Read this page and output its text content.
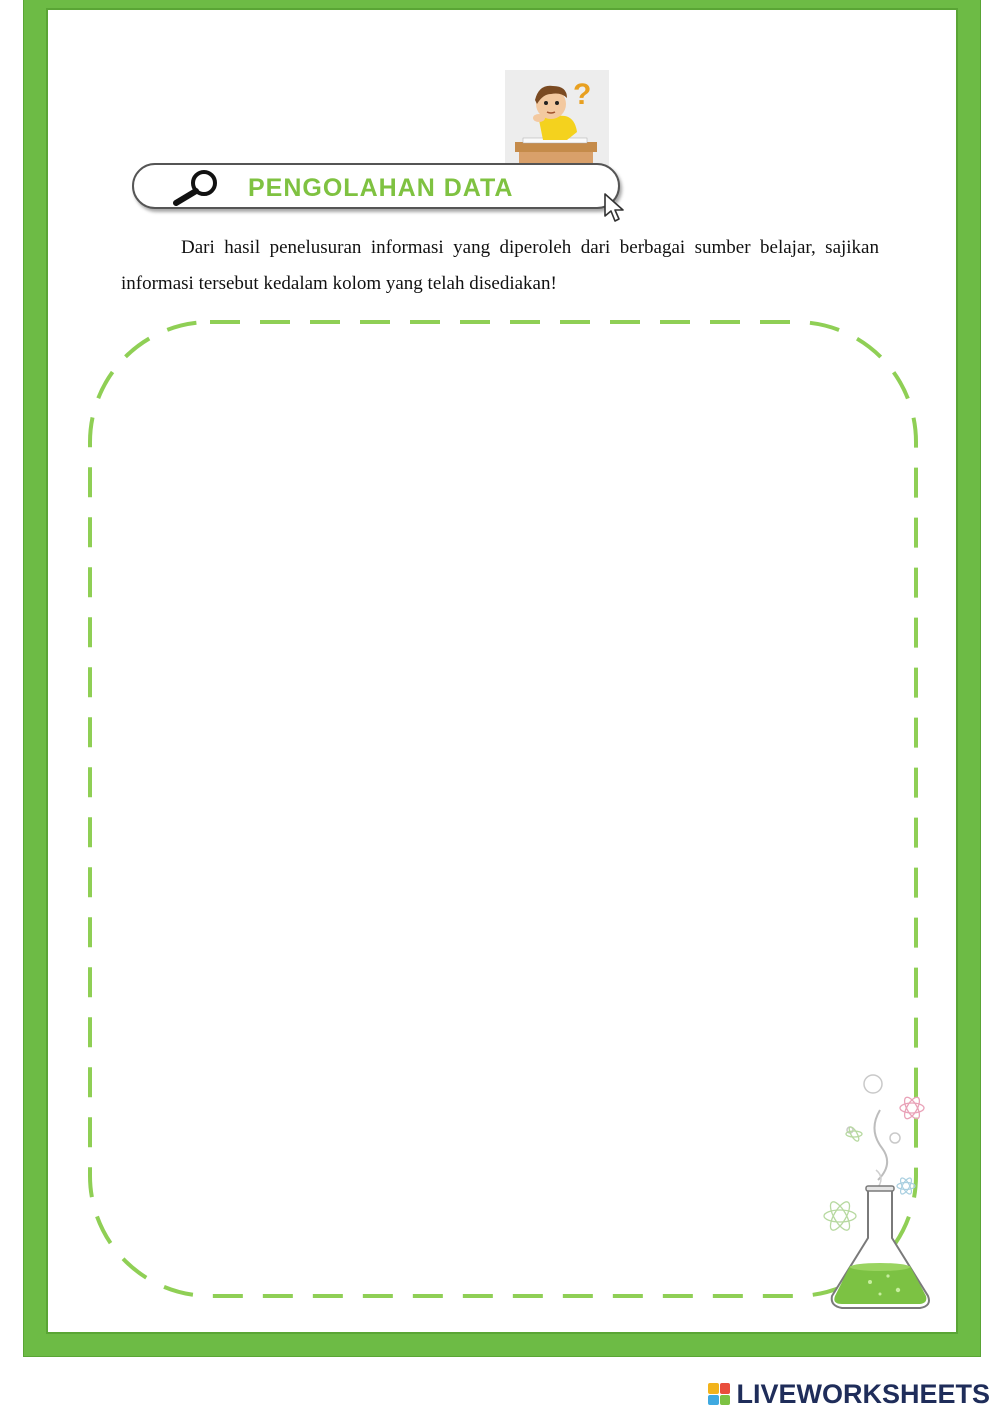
?
PENGOLAHAN DATA

Dari hasil penelusuran informasi yang diperoleh dari berbagai sumber belajar, sajikan informasi tersebut kedalam kolom yang telah disediakan!

LIVEWORKSHEETS
